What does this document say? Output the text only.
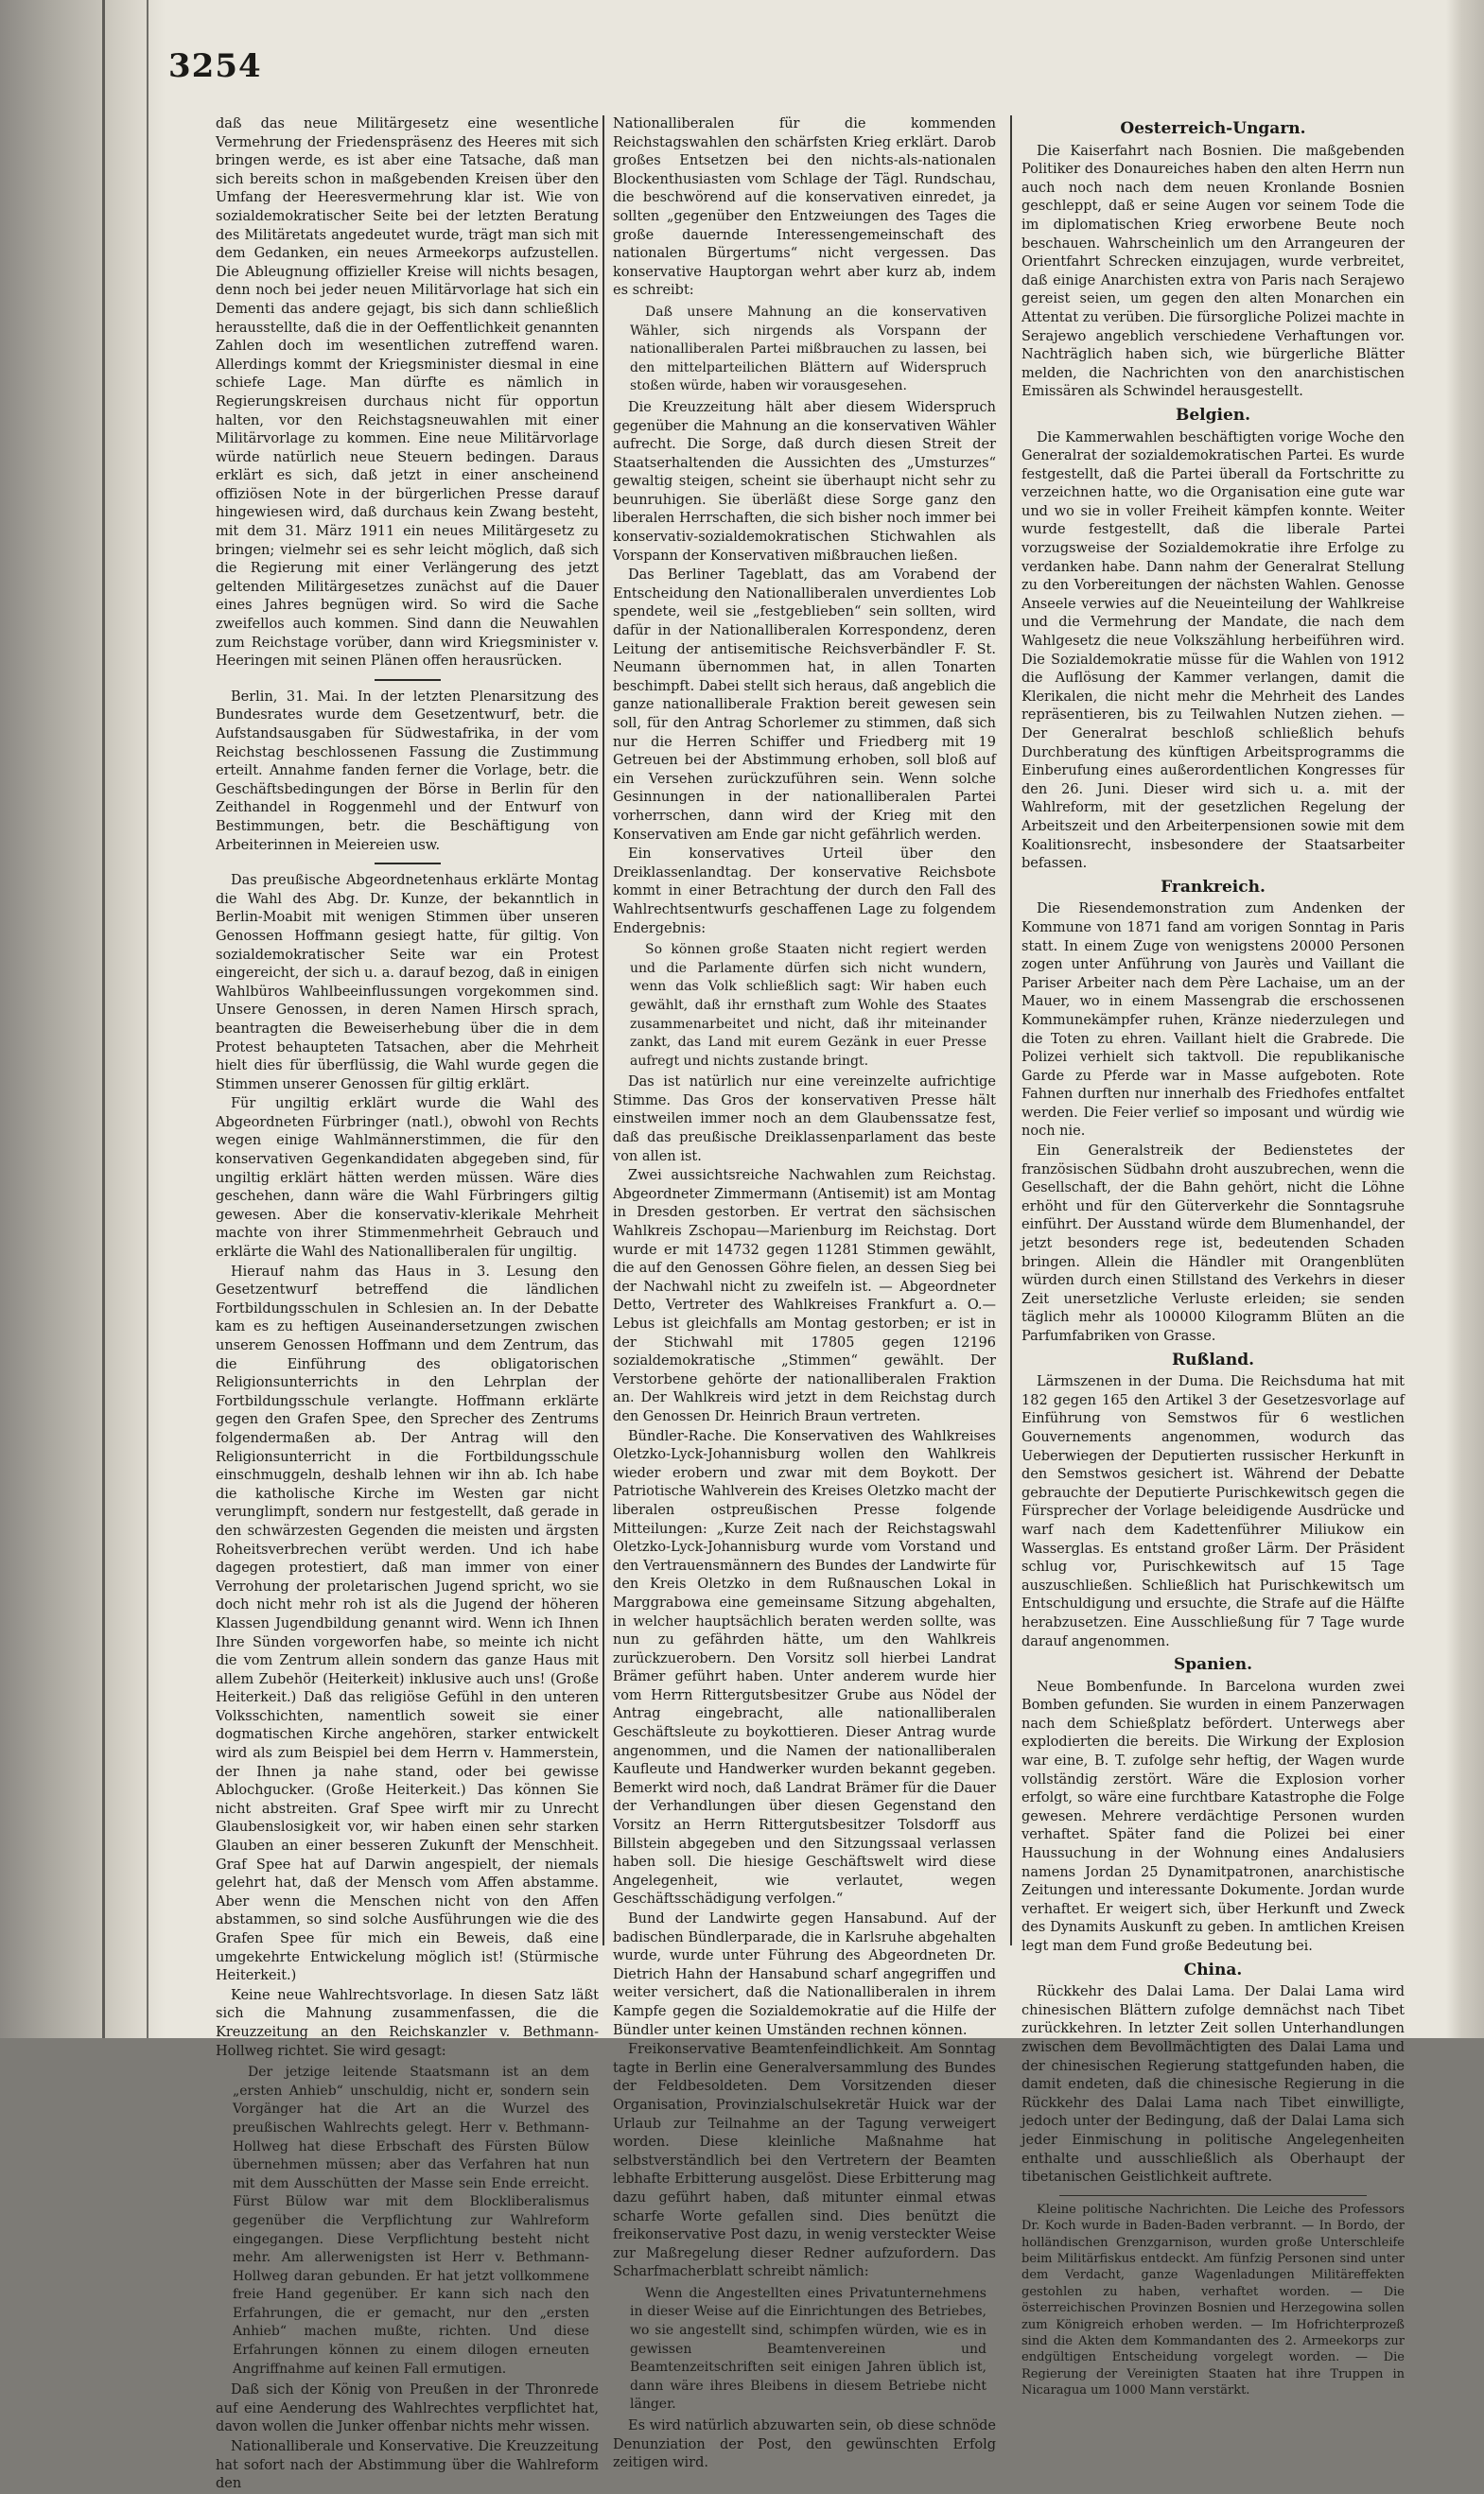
3254

daß das neue Militärgesetz eine wesentliche Vermehrung der Friedenspräsenz des Heeres mit sich bringen werde, es ist aber eine Tatsache, daß man sich bereits schon in maßgebenden Kreisen über den Umfang der Heeresvermehrung klar ist. Wie von sozialdemokratischer Seite bei der letzten Beratung des Militäretats angedeutet wurde, trägt man sich mit dem Gedanken, ein neues Armeekorps aufzustellen. Die Ableugnung offizieller Kreise will nichts besagen, denn noch bei jeder neuen Militärvorlage hat sich ein Dementi das andere gejagt, bis sich dann schließlich herausstellte, daß die in der Oeffentlichkeit genannten Zahlen doch im wesentlichen zutreffend waren. Allerdings kommt der Kriegsminister diesmal in eine schiefe Lage. Man dürfte es nämlich in Regierungskreisen durchaus nicht für opportun halten, vor den Reichstagsneuwahlen mit einer Militärvorlage zu kommen. Eine neue Militärvorlage würde natürlich neue Steuern bedingen. Daraus erklärt es sich, daß jetzt in einer anscheinend offiziösen Note in der bürgerlichen Presse darauf hingewiesen wird, daß durchaus kein Zwang besteht, mit dem 31. März 1911 ein neues Militärgesetz zu bringen; vielmehr sei es sehr leicht möglich, daß sich die Regierung mit einer Verlängerung des jetzt geltenden Militärgesetzes zunächst auf die Dauer eines Jahres begnügen wird. So wird die Sache zweifellos auch kommen. Sind dann die Neuwahlen zum Reichstage vorüber, dann wird Kriegsminister v. Heeringen mit seinen Plänen offen herausrücken.

Berlin, 31. Mai. In der letzten Plenarsitzung des Bundesrates wurde dem Gesetzentwurf, betr. die Aufstandsausgaben für Südwestafrika, in der vom Reichstag beschlossenen Fassung die Zustimmung erteilt. Annahme fanden ferner die Vorlage, betr. die Geschäftsbedingungen der Börse in Berlin für den Zeithandel in Roggenmehl und der Entwurf von Bestimmungen, betr. die Beschäftigung von Arbeiterinnen in Meiereien usw.

Das preußische Abgeordnetenhaus erklärte Montag die Wahl des Abg. Dr. Kunze, der bekanntlich in Berlin-Moabit mit wenigen Stimmen über unseren Genossen Hoffmann gesiegt hatte, für giltig. Von sozialdemokratischer Seite war ein Protest eingereicht, der sich u. a. darauf bezog, daß in einigen Wahlbüros Wahlbeeinflussungen vorgekommen sind. Unsere Genossen, in deren Namen Hirsch sprach, beantragten die Beweiserhebung über die in dem Protest behaupteten Tatsachen, aber die Mehrheit hielt dies für überflüssig, die Wahl wurde gegen die Stimmen unserer Genossen für giltig erklärt.

Für ungiltig erklärt wurde die Wahl des Abgeordneten Fürbringer (natl.), obwohl von Rechts wegen einige Wahlmännerstimmen, die für den konservativen Gegenkandidaten abgegeben sind, für ungiltig erklärt hätten werden müssen. Wäre dies geschehen, dann wäre die Wahl Fürbringers giltig gewesen. Aber die konservativ-klerikale Mehrheit machte von ihrer Stimmenmehrheit Gebrauch und erklärte die Wahl des Nationalliberalen für ungiltig.

Hierauf nahm das Haus in 3. Lesung den Gesetzentwurf betreffend die ländlichen Fortbildungsschulen in Schlesien an. In der Debatte kam es zu heftigen Auseinandersetzungen zwischen unserem Genossen Hoffmann und dem Zentrum, das die Einführung des obligatorischen Religionsunterrichts in den Lehrplan der Fortbildungsschule verlangte. Hoffmann erklärte gegen den Grafen Spee, den Sprecher des Zentrums folgendermaßen ab. Der Antrag will den Religionsunterricht in die Fortbildungsschule einschmuggeln, deshalb lehnen wir ihn ab. Ich habe die katholische Kirche im Westen gar nicht verunglimpft, sondern nur festgestellt, daß gerade in den schwärzesten Gegenden die meisten und ärgsten Roheitsverbrechen verübt werden. Und ich habe dagegen protestiert, daß man immer von einer Verrohung der proletarischen Jugend spricht, wo sie doch nicht mehr roh ist als die Jugend der höheren Klassen Jugendbildung genannt wird. Wenn ich Ihnen Ihre Sünden vorgeworfen habe, so meinte ich nicht die vom Zentrum allein sondern das ganze Haus mit allem Zubehör (Heiterkeit) inklusive auch uns! (Große Heiterkeit.) Daß das religiöse Gefühl in den unteren Volksschichten, namentlich soweit sie einer dogmatischen Kirche angehören, starker entwickelt wird als zum Beispiel bei dem Herrn v. Hammerstein, der Ihnen ja nahe stand, oder bei gewisse Ablochgucker. (Große Heiterkeit.) Das können Sie nicht abstreiten. Graf Spee wirft mir zu Unrecht Glaubenslosigkeit vor, wir haben einen sehr starken Glauben an einer besseren Zukunft der Menschheit. Graf Spee hat auf Darwin angespielt, der niemals gelehrt hat, daß der Mensch vom Affen abstamme. Aber wenn die Menschen nicht von den Affen abstammen, so sind solche Ausführungen wie die des Grafen Spee für mich ein Beweis, daß eine umgekehrte Entwickelung möglich ist! (Stürmische Heiterkeit.)

Keine neue Wahlrechtsvorlage. In diesen Satz läßt sich die Mahnung zusammenfassen, die die Kreuzzeitung an den Reichskanzler v. Bethmann-Hollweg richtet. Sie wird gesagt:

Der jetzige leitende Staatsmann ist an dem „ersten Anhieb“ unschuldig, nicht er, sondern sein Vorgänger hat die Art an die Wurzel des preußischen Wahlrechts gelegt. Herr v. Bethmann-Hollweg hat diese Erbschaft des Fürsten Bülow übernehmen müssen; aber das Verfahren hat nun mit dem Ausschütten der Masse sein Ende erreicht. Fürst Bülow war mit dem Blockliberalismus gegenüber die Verpflichtung zur Wahlreform eingegangen. Diese Verpflichtung besteht nicht mehr. Am allerwenigsten ist Herr v. Bethmann-Hollweg daran gebunden. Er hat jetzt vollkommene freie Hand gegenüber. Er kann sich nach den Erfahrungen, die er gemacht, nur den „ersten Anhieb“ machen mußte, richten. Und diese Erfahrungen können zu einem dilogen erneuten Angriffnahme auf keinen Fall ermutigen.

Daß sich der König von Preußen in der Thronrede auf eine Aenderung des Wahlrechtes verpflichtet hat, davon wollen die Junker offenbar nichts mehr wissen.

Nationalliberale und Konservative. Die Kreuzzeitung hat sofort nach der Abstimmung über die Wahlreform den

Nationalliberalen für die kommenden Reichstagswahlen den schärfsten Krieg erklärt. Darob großes Entsetzen bei den nichts-als-nationalen Blockenthusiasten vom Schlage der Tägl. Rundschau, die beschwörend auf die konservativen einredet, ja sollten „gegenüber den Entzweiungen des Tages die große dauernde Interessengemeinschaft des nationalen Bürgertums“ nicht vergessen. Das konservative Hauptorgan wehrt aber kurz ab, indem es schreibt:

Daß unsere Mahnung an die konservativen Wähler, sich nirgends als Vorspann der nationalliberalen Partei mißbrauchen zu lassen, bei den mittelparteilichen Blättern auf Widerspruch stoßen würde, haben wir vorausgesehen.

Die Kreuzzeitung hält aber diesem Widerspruch gegenüber die Mahnung an die konservativen Wähler aufrecht. Die Sorge, daß durch diesen Streit der Staatserhaltenden die Aussichten des „Umsturzes“ gewaltig steigen, scheint sie überhaupt nicht sehr zu beunruhigen. Sie überläßt diese Sorge ganz den liberalen Herrschaften, die sich bisher noch immer bei konservativ-sozialdemokratischen Stichwahlen als Vorspann der Konservativen mißbrauchen ließen.

Das Berliner Tageblatt, das am Vorabend der Entscheidung den Nationalliberalen unverdientes Lob spendete, weil sie „festgeblieben“ sein sollten, wird dafür in der Nationalliberalen Korrespondenz, deren Leitung der antisemitische Reichsverbändler F. St. Neumann übernommen hat, in allen Tonarten beschimpft. Dabei stellt sich heraus, daß angeblich die ganze nationalliberale Fraktion bereit gewesen sein soll, für den Antrag Schorlemer zu stimmen, daß sich nur die Herren Schiffer und Friedberg mit 19 Getreuen bei der Abstimmung erhoben, soll bloß auf ein Versehen zurückzuführen sein. Wenn solche Gesinnungen in der nationalliberalen Partei vorherrschen, dann wird der Krieg mit den Konservativen am Ende gar nicht gefährlich werden.

Ein konservatives Urteil über den Dreiklassenlandtag. Der konservative Reichsbote kommt in einer Betrachtung der durch den Fall des Wahlrechtsentwurfs geschaffenen Lage zu folgendem Endergebnis:

So können große Staaten nicht regiert werden und die Parlamente dürfen sich nicht wundern, wenn das Volk schließlich sagt: Wir haben euch gewählt, daß ihr ernsthaft zum Wohle des Staates zusammenarbeitet und nicht, daß ihr miteinander zankt, das Land mit eurem Gezänk in euer Presse aufregt und nichts zustande bringt.

Das ist natürlich nur eine vereinzelte aufrichtige Stimme. Das Gros der konservativen Presse hält einstweilen immer noch an dem Glaubenssatze fest, daß das preußische Dreiklassenparlament das beste von allen ist.

Zwei aussichtsreiche Nachwahlen zum Reichstag. Abgeordneter Zimmermann (Antisemit) ist am Montag in Dresden gestorben. Er vertrat den sächsischen Wahlkreis Zschopau—Marienburg im Reichstag. Dort wurde er mit 14732 gegen 11281 Stimmen gewählt, die auf den Genossen Göhre fielen, an dessen Sieg bei der Nachwahl nicht zu zweifeln ist. — Abgeordneter Detto, Vertreter des Wahlkreises Frankfurt a. O.—Lebus ist gleichfalls am Montag gestorben; er ist in der Stichwahl mit 17805 gegen 12196 sozialdemokratische „Stimmen“ gewählt. Der Verstorbene gehörte der nationalliberalen Fraktion an. Der Wahlkreis wird jetzt in dem Reichstag durch den Genossen Dr. Heinrich Braun vertreten.

Bündler-Rache. Die Konservativen des Wahlkreises Oletzko-Lyck-Johannisburg wollen den Wahlkreis wieder erobern und zwar mit dem Boykott. Der Patriotische Wahlverein des Kreises Oletzko macht der liberalen ostpreußischen Presse folgende Mitteilungen: „Kurze Zeit nach der Reichstagswahl Oletzko-Lyck-Johannisburg wurde vom Vorstand und den Vertrauensmännern des Bundes der Landwirte für den Kreis Oletzko in dem Rußnauschen Lokal in Marggrabowa eine gemeinsame Sitzung abgehalten, in welcher hauptsächlich beraten werden sollte, was nun zu gefährden hätte, um den Wahlkreis zurückzuerobern. Den Vorsitz soll hierbei Landrat Brämer geführt haben. Unter anderem wurde hier vom Herrn Rittergutsbesitzer Grube aus Nödel der Antrag eingebracht, alle nationalliberalen Geschäftsleute zu boykottieren. Dieser Antrag wurde angenommen, und die Namen der nationalliberalen Kaufleute und Handwerker wurden bekannt gegeben. Bemerkt wird noch, daß Landrat Brämer für die Dauer der Verhandlungen über diesen Gegenstand den Vorsitz an Herrn Rittergutsbesitzer Tolsdorff aus Billstein abgegeben und den Sitzungssaal verlassen haben soll. Die hiesige Geschäftswelt wird diese Angelegenheit, wie verlautet, wegen Geschäftsschädigung verfolgen.“

Bund der Landwirte gegen Hansabund. Auf der badischen Bündlerparade, die in Karlsruhe abgehalten wurde, wurde unter Führung des Abgeordneten Dr. Dietrich Hahn der Hansabund scharf angegriffen und weiter versichert, daß die Nationalliberalen in ihrem Kampfe gegen die Sozialdemokratie auf die Hilfe der Bündler unter keinen Umständen rechnen können.

Freikonservative Beamtenfeindlichkeit. Am Sonntag tagte in Berlin eine Generalversammlung des Bundes der Feldbesoldeten. Dem Vorsitzenden dieser Organisation, Provinzialschulsekretär Huick war der Urlaub zur Teilnahme an der Tagung verweigert worden. Diese kleinliche Maßnahme hat selbstverständlich bei den Vertretern der Beamten lebhafte Erbitterung ausgelöst. Diese Erbitterung mag dazu geführt haben, daß mitunter einmal etwas scharfe Worte gefallen sind. Dies benützt die freikonservative Post dazu, in wenig versteckter Weise zur Maßregelung dieser Redner aufzufordern. Das Scharfmacherblatt schreibt nämlich:

Wenn die Angestellten eines Privatunternehmens in dieser Weise auf die Einrichtungen des Betriebes, wo sie angestellt sind, schimpfen würden, wie es in gewissen Beamtenvereinen und Beamtenzeitschriften seit einigen Jahren üblich ist, dann wäre ihres Bleibens in diesem Betriebe nicht länger.

Es wird natürlich abzuwarten sein, ob diese schnöde Denunziation der Post, den gewünschten Erfolg zeitigen wird.

Oesterreich-Ungarn.

Die Kaiserfahrt nach Bosnien. Die maßgebenden Politiker des Donaureiches haben den alten Herrn nun auch noch nach dem neuen Kronlande Bosnien geschleppt, daß er seine Augen vor seinem Tode die im diplomatischen Krieg erworbene Beute noch beschauen. Wahrscheinlich um den Arrangeuren der Orientfahrt Schrecken einzujagen, wurde verbreitet, daß einige Anarchisten extra von Paris nach Serajewo gereist seien, um gegen den alten Monarchen ein Attentat zu verüben. Die fürsorgliche Polizei machte in Serajewo angeblich verschiedene Verhaftungen vor. Nachträglich haben sich, wie bürgerliche Blätter melden, die Nachrichten von den anarchistischen Emissären als Schwindel herausgestellt.

Belgien.

Die Kammerwahlen beschäftigten vorige Woche den Generalrat der sozialdemokratischen Partei. Es wurde festgestellt, daß die Partei überall da Fortschritte zu verzeichnen hatte, wo die Organisation eine gute war und wo sie in voller Freiheit kämpfen konnte. Weiter wurde festgestellt, daß die liberale Partei vorzugsweise der Sozialdemokratie ihre Erfolge zu verdanken habe. Dann nahm der Generalrat Stellung zu den Vorbereitungen der nächsten Wahlen. Genosse Anseele verwies auf die Neueinteilung der Wahlkreise und die Vermehrung der Mandate, die nach dem Wahlgesetz die neue Volkszählung herbeiführen wird. Die Sozialdemokratie müsse für die Wahlen von 1912 die Auflösung der Kammer verlangen, damit die Klerikalen, die nicht mehr die Mehrheit des Landes repräsentieren, bis zu Teilwahlen Nutzen ziehen. — Der Generalrat beschloß schließlich behufs Durchberatung des künftigen Arbeitsprogramms die Einberufung eines außerordentlichen Kongresses für den 26. Juni. Dieser wird sich u. a. mit der Wahlreform, mit der gesetzlichen Regelung der Arbeitszeit und den Arbeiterpensionen sowie mit dem Koalitionsrecht, insbesondere der Staatsarbeiter befassen.

Frankreich.

Die Riesendemonstration zum Andenken der Kommune von 1871 fand am vorigen Sonntag in Paris statt. In einem Zuge von wenigstens 20000 Personen zogen unter Anführung von Jaurès und Vaillant die Pariser Arbeiter nach dem Père Lachaise, um an der Mauer, wo in einem Massengrab die erschossenen Kommunekämpfer ruhen, Kränze niederzulegen und die Toten zu ehren. Vaillant hielt die Grabrede. Die Polizei verhielt sich taktvoll. Die republikanische Garde zu Pferde war in Masse aufgeboten. Rote Fahnen durften nur innerhalb des Friedhofes entfaltet werden. Die Feier verlief so imposant und würdig wie noch nie.

Ein Generalstreik der Bedienstetes der französischen Südbahn droht auszubrechen, wenn die Gesellschaft, der die Bahn gehört, nicht die Löhne erhöht und für den Güterverkehr die Sonntagsruhe einführt. Der Ausstand würde dem Blumenhandel, der jetzt besonders rege ist, bedeutenden Schaden bringen. Allein die Händler mit Orangenblüten würden durch einen Stillstand des Verkehrs in dieser Zeit unersetzliche Verluste erleiden; sie senden täglich mehr als 100000 Kilogramm Blüten an die Parfumfabriken von Grasse.

Rußland.

Lärmszenen in der Duma. Die Reichsduma hat mit 182 gegen 165 den Artikel 3 der Gesetzesvorlage auf Einführung von Semstwos für 6 westlichen Gouvernements angenommen, wodurch das Ueberwiegen der Deputierten russischer Herkunft in den Semstwos gesichert ist. Während der Debatte gebrauchte der Deputierte Purischkewitsch gegen die Fürsprecher der Vorlage beleidigende Ausdrücke und warf nach dem Kadettenführer Miliukow ein Wasserglas. Es entstand großer Lärm. Der Präsident schlug vor, Purischkewitsch auf 15 Tage auszuschließen. Schließlich hat Purischkewitsch um Entschuldigung und ersuchte, die Strafe auf die Hälfte herabzusetzen. Eine Ausschließung für 7 Tage wurde darauf angenommen.

Spanien.

Neue Bombenfunde. In Barcelona wurden zwei Bomben gefunden. Sie wurden in einem Panzerwagen nach dem Schießplatz befördert. Unterwegs aber explodierten die bereits. Die Wirkung der Explosion war eine, B. T. zufolge sehr heftig, der Wagen wurde vollständig zerstört. Wäre die Explosion vorher erfolgt, so wäre eine furchtbare Katastrophe die Folge gewesen. Mehrere verdächtige Personen wurden verhaftet. Später fand die Polizei bei einer Haussuchung in der Wohnung eines Andalusiers namens Jordan 25 Dynamitpatronen, anarchistische Zeitungen und interessante Dokumente. Jordan wurde verhaftet. Er weigert sich, über Herkunft und Zweck des Dynamits Auskunft zu geben. In amtlichen Kreisen legt man dem Fund große Bedeutung bei.

China.

Rückkehr des Dalai Lama. Der Dalai Lama wird chinesischen Blättern zufolge demnächst nach Tibet zurückkehren. In letzter Zeit sollen Unterhandlungen zwischen dem Bevollmächtigten des Dalai Lama und der chinesischen Regierung stattgefunden haben, die damit endeten, daß die chinesische Regierung in die Rückkehr des Dalai Lama nach Tibet einwilligte, jedoch unter der Bedingung, daß der Dalai Lama sich jeder Einmischung in politische Angelegenheiten enthalte und ausschließlich als Oberhaupt der tibetanischen Geistlichkeit auftrete.

Kleine politische Nachrichten. Die Leiche des Professors Dr. Koch wurde in Baden-Baden verbrannt. — In Bordo, der holländischen Grenzgarnison, wurden große Unterschleife beim Militärfiskus entdeckt. Am fünfzig Personen sind unter dem Verdacht, ganze Wagenladungen Militäreffekten gestohlen zu haben, verhaftet worden. — Die österreichischen Provinzen Bosnien und Herzegowina sollen zum Königreich erhoben werden. — Im Hofrichterprozeß sind die Akten dem Kommandanten des 2. Armeekorps zur endgültigen Entscheidung vorgelegt worden. — Die Regierung der Vereinigten Staaten hat ihre Truppen in Nicaragua um 1000 Mann verstärkt.
